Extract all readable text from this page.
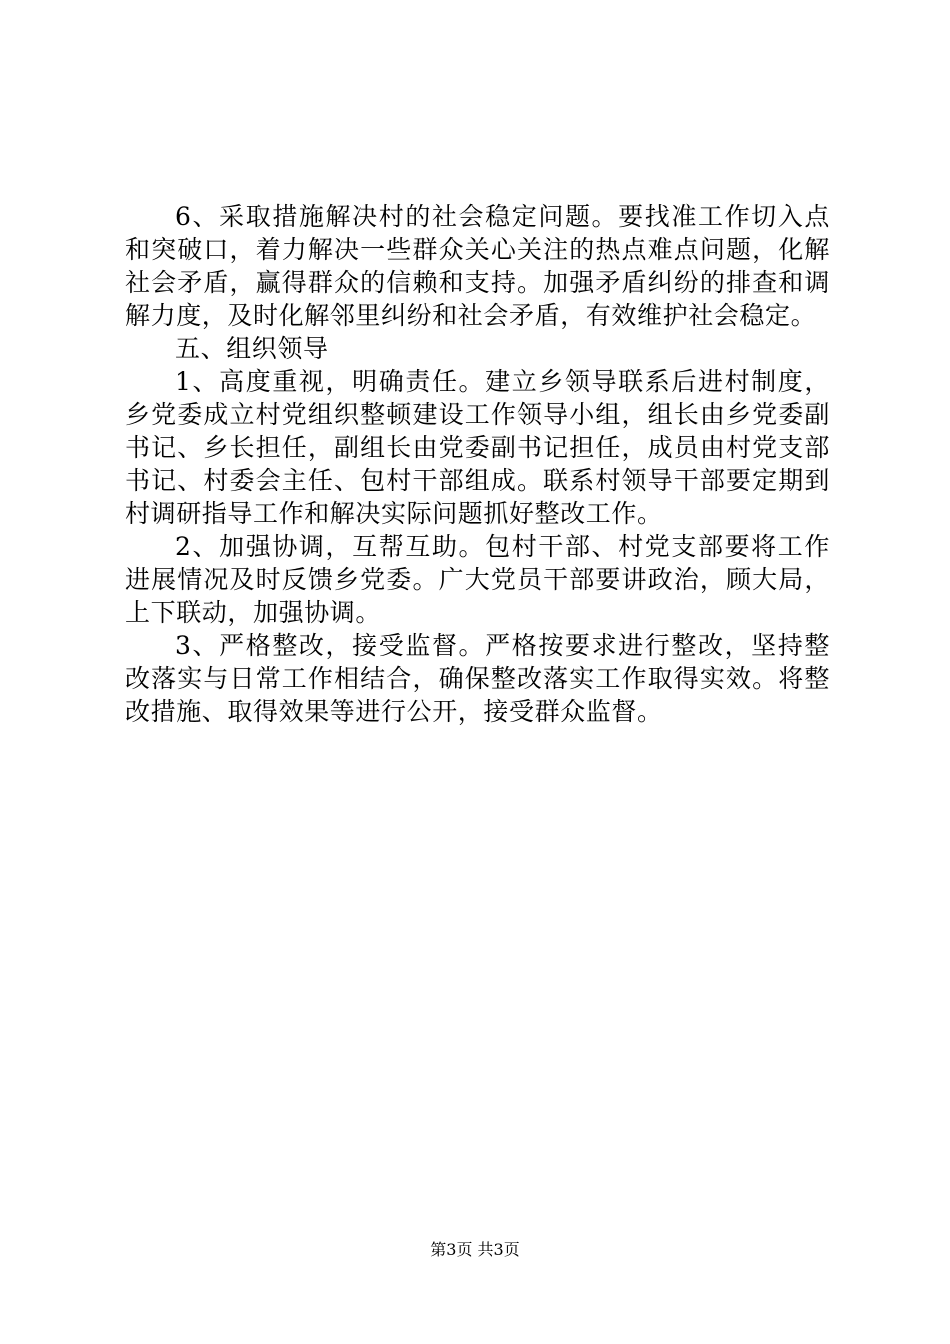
6、采取措施解决村的社会稳定问题。要找准工作切入点和突破口，着力解决一些群众关心关注的热点难点问题，化解社会矛盾，赢得群众的信赖和支持。加强矛盾纠纷的排查和调解力度，及时化解邻里纠纷和社会矛盾，有效维护社会稳定。

五、组织领导

1、高度重视，明确责任。建立乡领导联系后进村制度，乡党委成立村党组织整顿建设工作领导小组，组长由乡党委副书记、乡长担任，副组长由党委副书记担任，成员由村党支部书记、村委会主任、包村干部组成。联系村领导干部要定期到村调研指导工作和解决实际问题抓好整改工作。

2、加强协调，互帮互助。包村干部、村党支部要将工作进展情况及时反馈乡党委。广大党员干部要讲政治，顾大局，上下联动，加强协调。

3、严格整改，接受监督。严格按要求进行整改，坚持整改落实与日常工作相结合，确保整改落实工作取得实效。将整改措施、取得效果等进行公开，接受群众监督。

第3页 共3页
